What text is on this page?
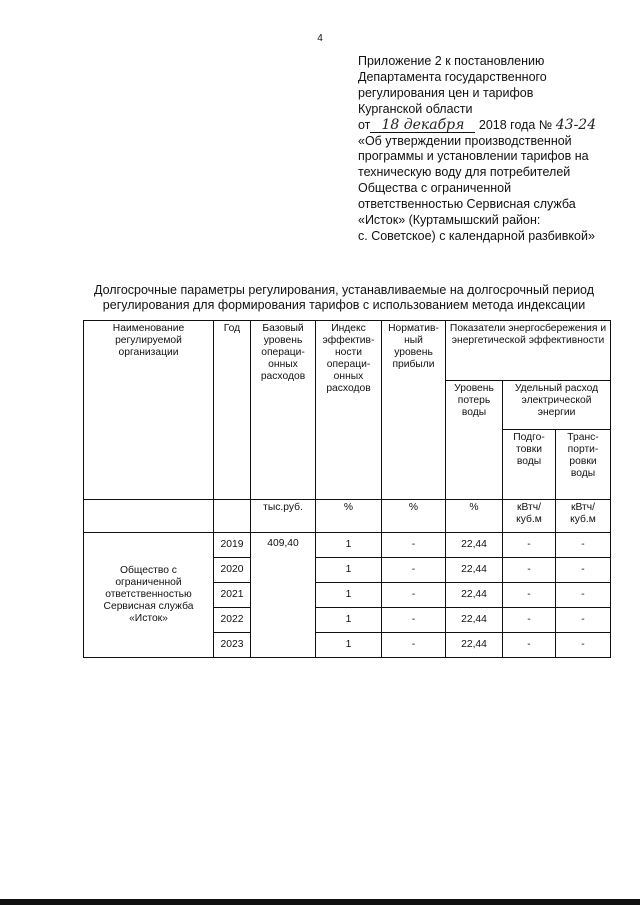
4
Приложение 2 к постановлению
Департамента государственного
регулирования цен и тарифов
Курганской области
от 18 декабря 2018 года № 43-24
«Об утверждении производственной
программы и установлении тарифов на
техническую воду для потребителей
Общества с ограниченной
ответственностью Сервисная служба
«Исток» (Куртамышский район:
с. Советское) с календарной разбивкой»
Долгосрочные параметры регулирования, устанавливаемые на долгосрочный период
регулирования для формирования тарифов с использованием метода индексации
Наименование регулируемой организации	Год	Базовый уровень операци-онных расходов	Индекс эффектив-ности операци-онных расходов	Норматив-ный уровень прибыли	Показатели энергосбережения и энергетической эффективности		
					Уровень потерь воды	Удельный расход электрической энергии	
						Подго-товки воды	Транс-порти-ровки воды
		тыс.руб.	%	%	%	кВтч/ куб.м	кВтч/ куб.м
Общество с ограниченной ответственностью Сервисная служба «Исток»	2019	409,40	1	-	22,44	-	-
	2020		1	-	22,44	-	-
	2021		1	-	22,44	-	-
	2022		1	-	22,44	-	-
	2023		1	-	22,44	-	-
